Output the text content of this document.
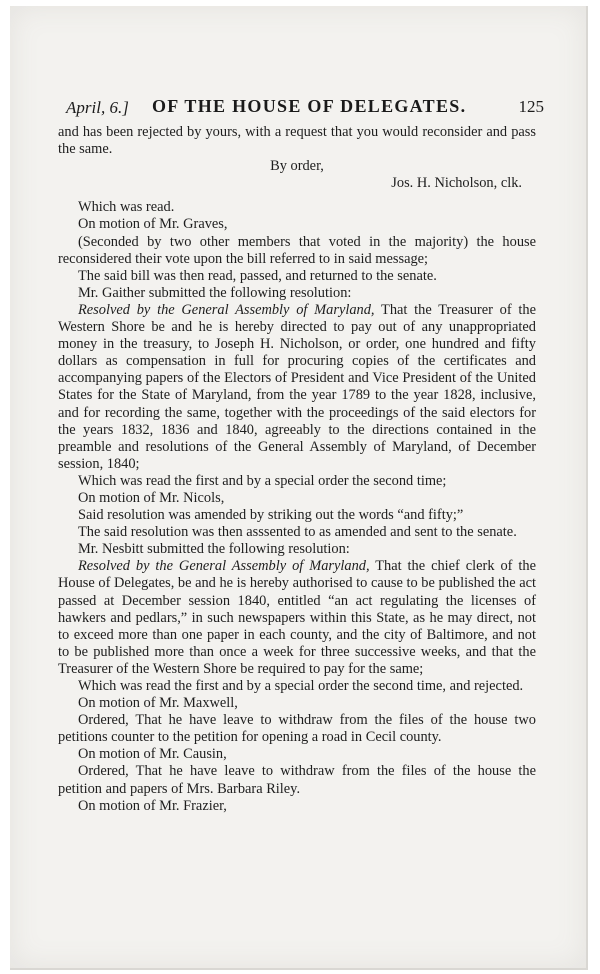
April, 6.] OF THE HOUSE OF DELEGATES.	125

and has been rejected by yours, with a request that you would reconsider and pass the same.

By order,

Jos. H. Nicholson, clk.

Which was read.

On motion of Mr. Graves,

(Seconded by two other members that voted in the majority) the house reconsidered their vote upon the bill referred to in said message;

The said bill was then read, passed, and returned to the senate.

Mr. Gaither submitted the following resolution:

Resolved by the General Assembly of Maryland, That the Treasurer of the Western Shore be and he is hereby directed to pay out of any unappropriated money in the treasury, to Joseph H. Nicholson, or order, one hundred and fifty dollars as compensation in full for procuring copies of the certificates and accompanying papers of the Electors of President and Vice President of the United States for the State of Maryland, from the year 1789 to the year 1828, inclusive, and for recording the same, together with the proceedings of the said electors for the years 1832, 1836 and 1840, agreeably to the directions contained in the preamble and resolutions of the General Assembly of Maryland, of December session, 1840;

Which was read the first and by a special order the second time;

On motion of Mr. Nicols,

Said resolution was amended by striking out the words “and fifty;”

The said resolution was then asssented to as amended and sent to the senate.

Mr. Nesbitt submitted the following resolution:

Resolved by the General Assembly of Maryland, That the chief clerk of the House of Delegates, be and he is hereby authorised to cause to be published the act passed at December session 1840, entitled “an act regulating the licenses of hawkers and pedlars,” in such newspapers within this State, as he may direct, not to exceed more than one paper in each county, and the city of Baltimore, and not to be published more than once a week for three successive weeks, and that the Treasurer of the Western Shore be required to pay for the same;

Which was read the first and by a special order the second time, and rejected.

On motion of Mr. Maxwell,

Ordered, That he have leave to withdraw from the files of the house two petitions counter to the petition for opening a road in Cecil county.

On motion of Mr. Causin,

Ordered, That he have leave to withdraw from the files of the house the petition and papers of Mrs. Barbara Riley.

On motion of Mr. Frazier,
